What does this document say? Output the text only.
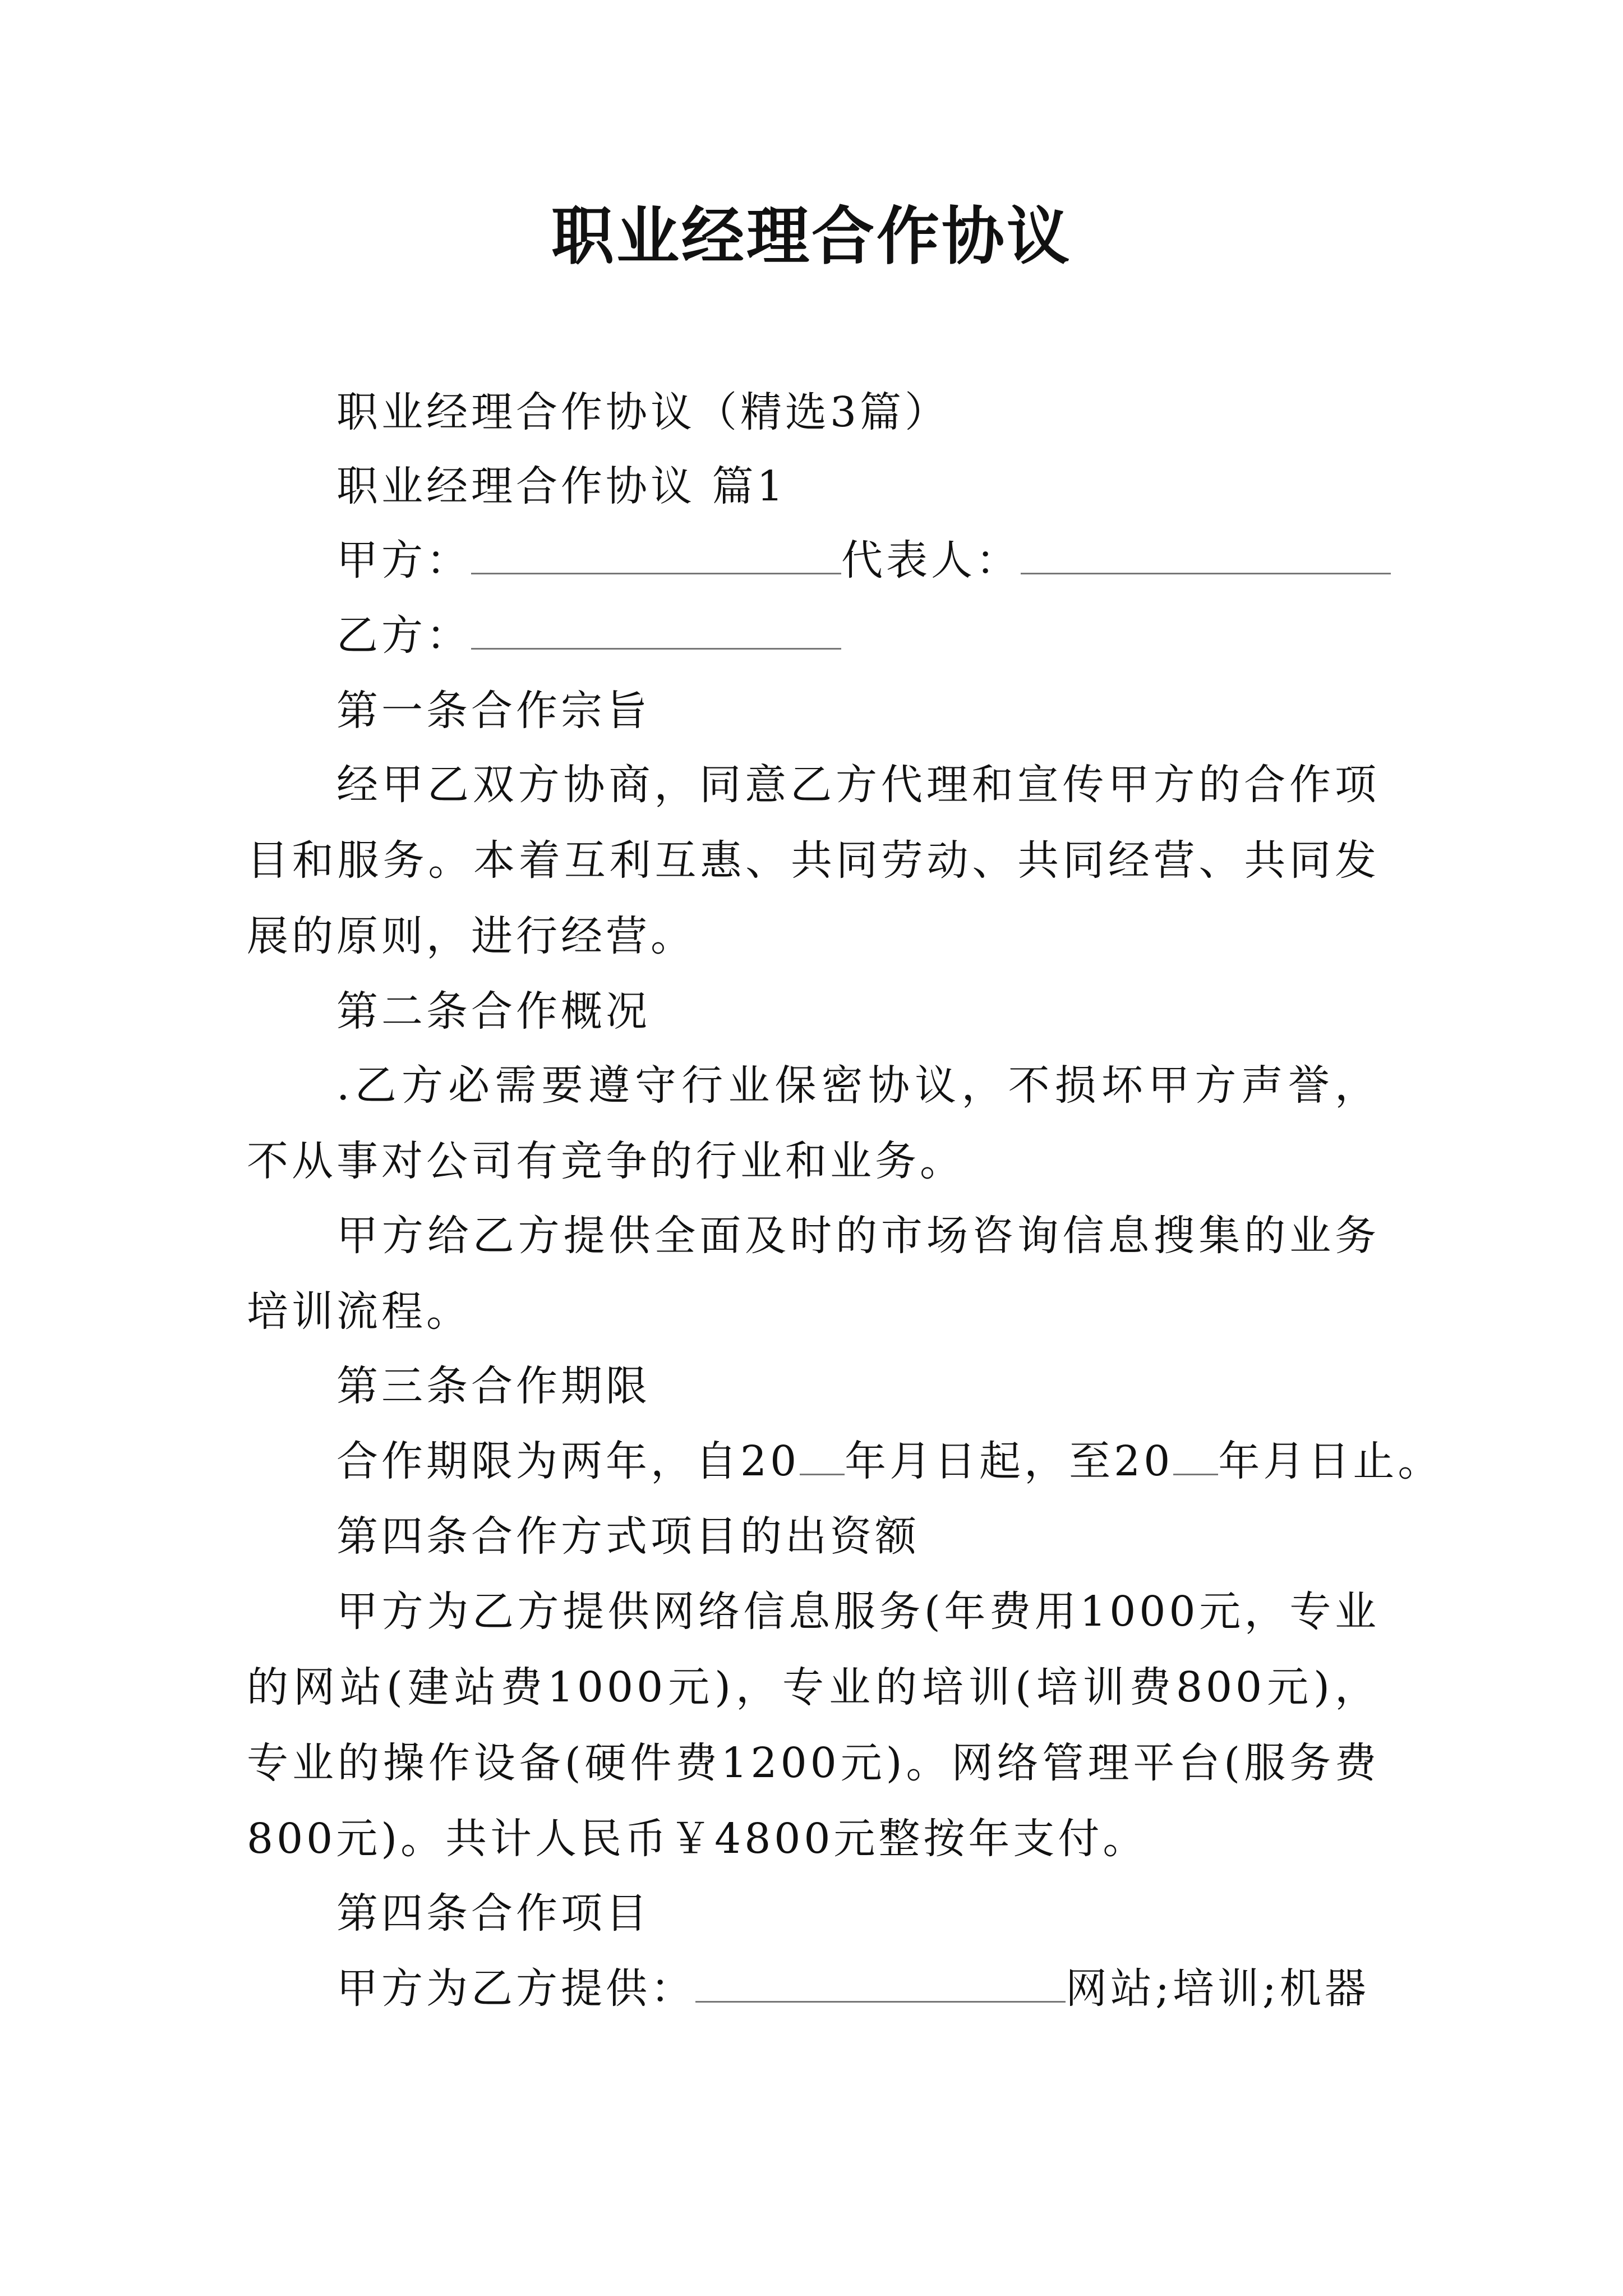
职业经理合作协议
职业经理合作协议（精选3篇）
职业经理合作协议 篇1
甲方：	代表人：
乙方：
第一条合作宗旨
经甲乙双方协商，同意乙方代理和宣传甲方的合作项目和服务。本着互利互惠、共同劳动、共同经营、共同发展的原则，进行经营。
第二条合作概况
.乙方必需要遵守行业保密协议，不损坏甲方声誉，不从事对公司有竞争的行业和业务。
甲方给乙方提供全面及时的市场咨询信息搜集的业务培训流程。
第三条合作期限
合作期限为两年，自20 年月日起，至20 年月日止。
第四条合作方式项目的出资额
甲方为乙方提供网络信息服务(年费用1000元，专业的网站(建站费1000元)，专业的培训(培训费800元)，专业的操作设备(硬件费1200元)。网络管理平台(服务费800元)。共计人民币￥4800元整按年支付。
第四条合作项目
甲方为乙方提供：	网站;培训;机器
